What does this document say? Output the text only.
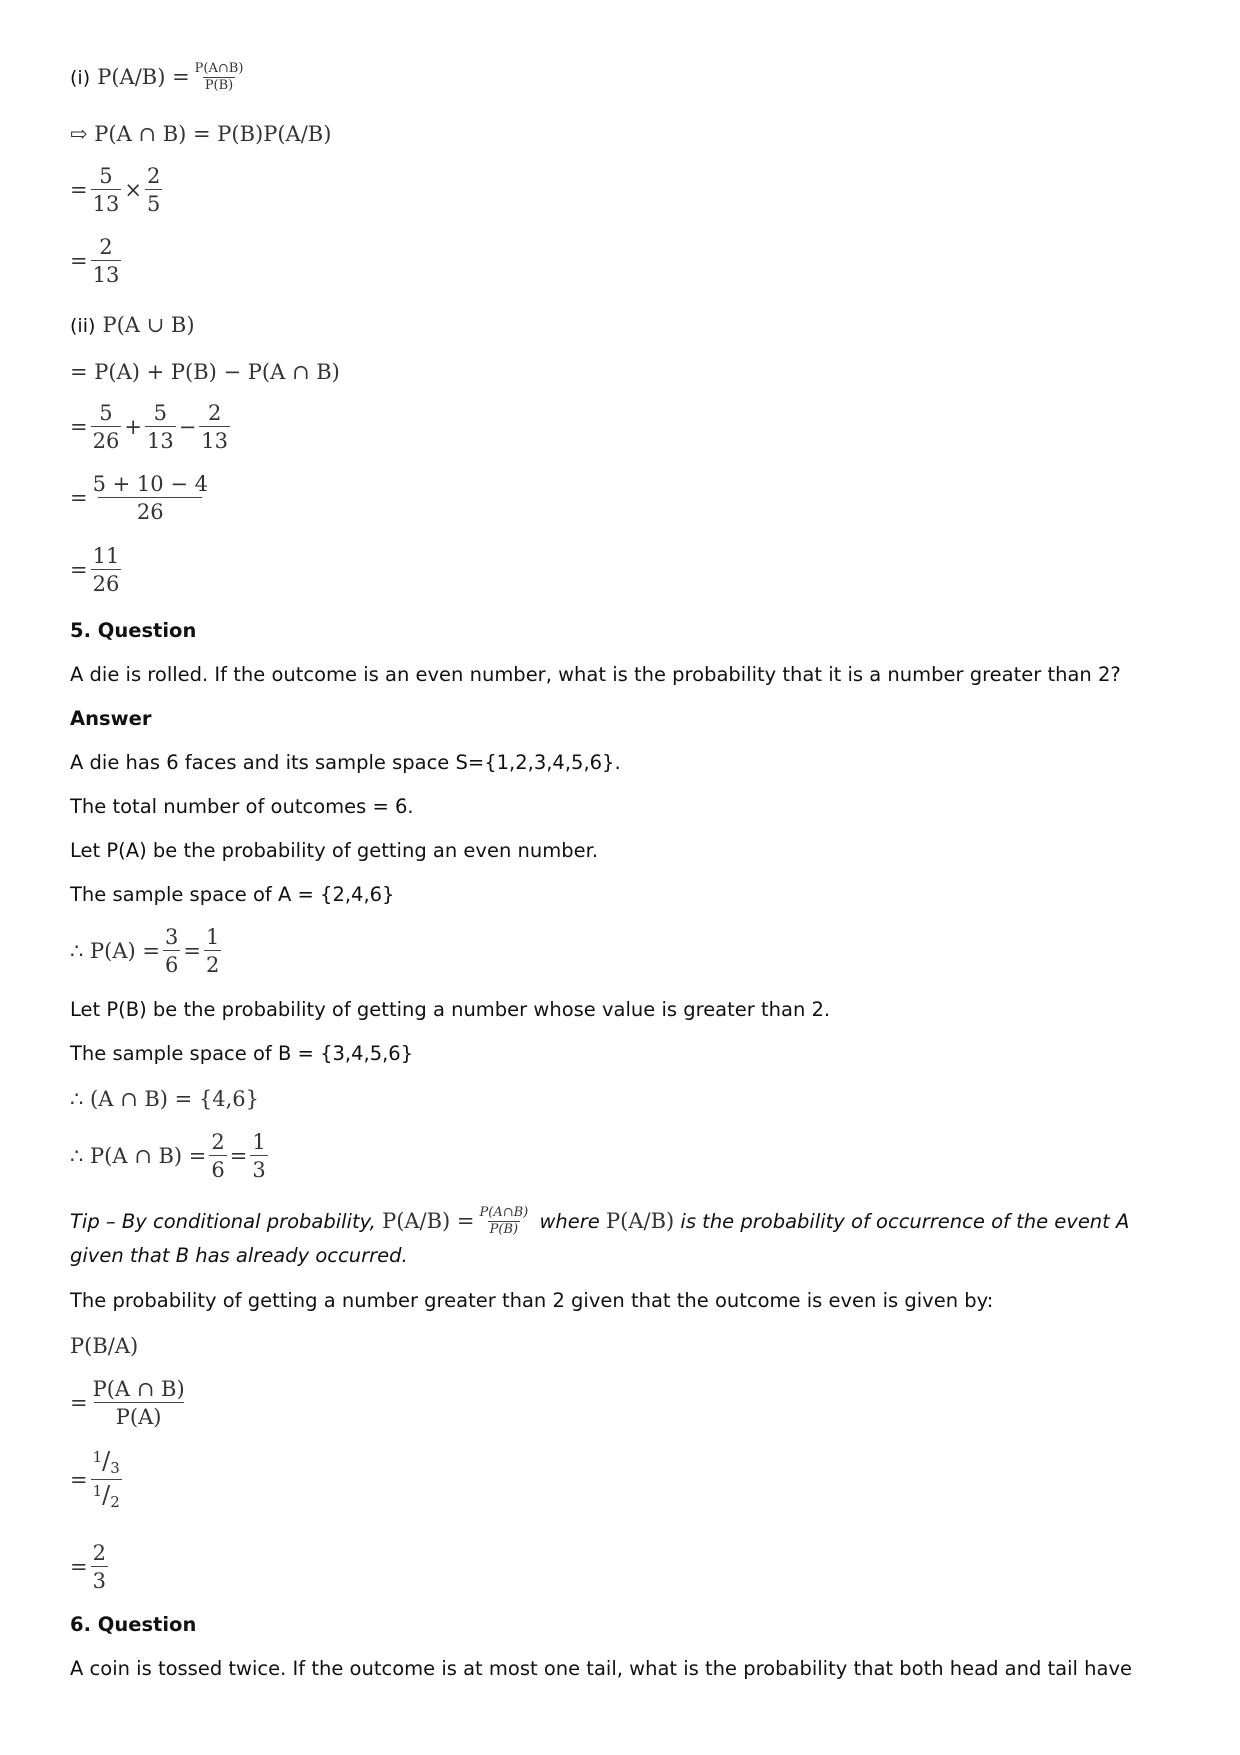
(i) $P(A/B) = \frac{P(A\cap B)}{P(B)}$
⇨ P(A ∩ B) = P(B)P(A/B)
= $\frac{5}{13} \times \frac{2}{5}$
= $\frac{2}{13}$
(ii) P(A ∪ B)
= P(A) + P(B) − P(A ∩ B)
= $\frac{5}{26} + \frac{5}{13} - \frac{2}{13}$
= $\frac{5 + 10 - 4}{26}$
= $\frac{11}{26}$
5. Question
A die is rolled. If the outcome is an even number, what is the probability that it is a number greater than 2?
Answer
A die has 6 faces and its sample space S={1,2,3,4,5,6}.
The total number of outcomes = 6.
Let P(A) be the probability of getting an even number.
The sample space of A = {2,4,6}
∴ $P(A) = \frac{3}{6} = \frac{1}{2}$
Let P(B) be the probability of getting a number whose value is greater than 2.
The sample space of B = {3,4,5,6}
∴ (A ∩ B) = {4,6}
∴ P(A ∩ $B) = \frac{2}{6} = \frac{1}{3}$
Tip – By conditional probability, $P(A/B) = \frac{P(A\cap B)}{P(B)}$ where P(A/B) is the probability of occurrence of the event A given that B has already occurred.
The probability of getting a number greater than 2 given that the outcome is even is given by:
P(B/A)
= $\frac{P(A \cap B)}{P(A)}$
= $\frac{^1/_3}{^1/_2}$
= $\frac{2}{3}$
6. Question
A coin is tossed twice. If the outcome is at most one tail, what is the probability that both head and tail have
